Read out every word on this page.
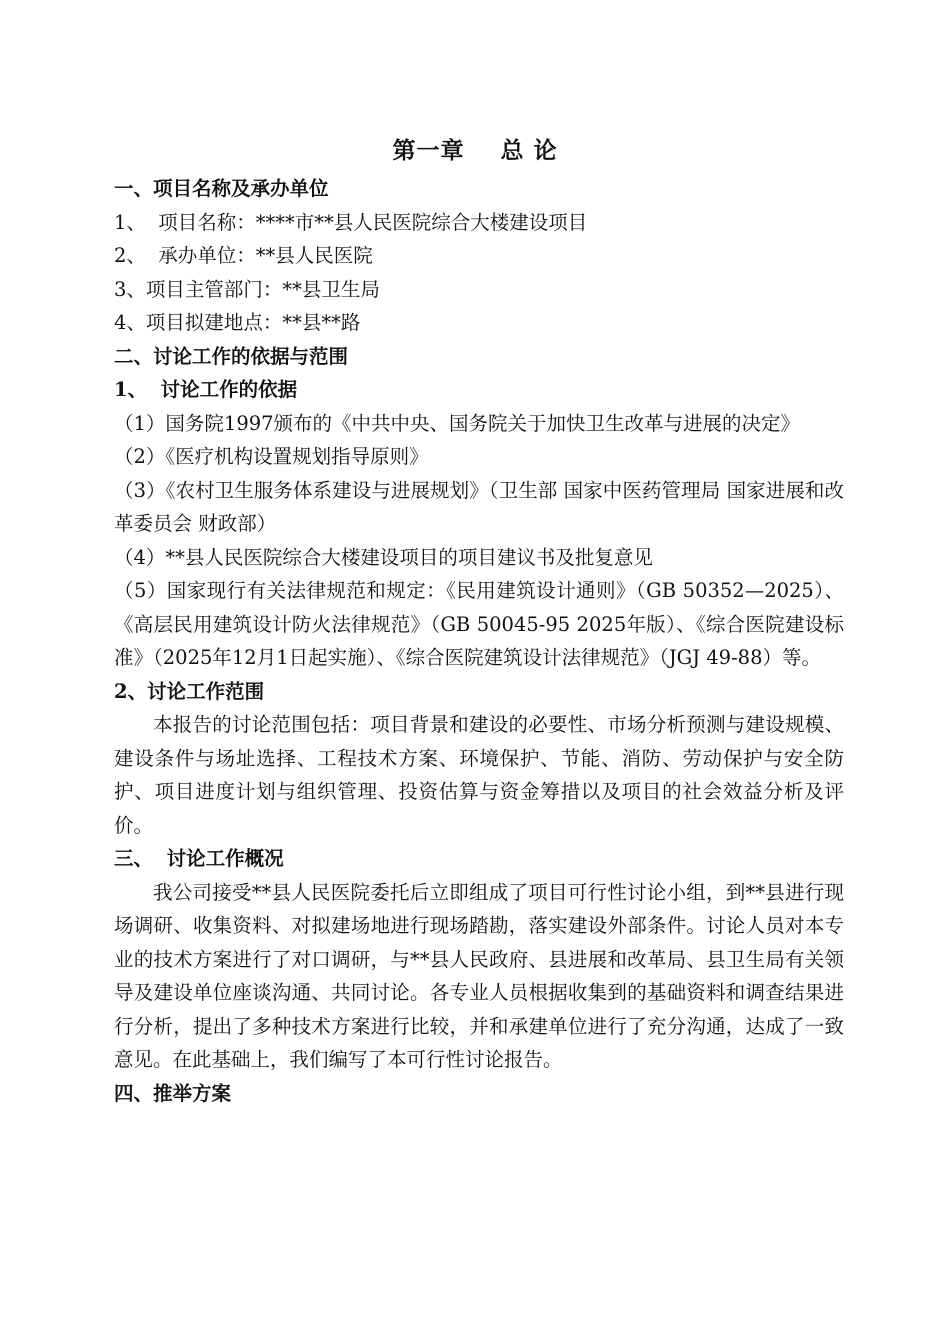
第一章    总 论

一、项目名称及承办单位

1、  项目名称：****市**县人民医院综合大楼建设项目

2、  承办单位：**县人民医院

3、项目主管部门：**县卫生局

4、项目拟建地点：**县**路

二、讨论工作的依据与范围

1、  讨论工作的依据

（1）国务院1997颁布的《中共中央、国务院关于加快卫生改革与进展的决定》

（2）《医疗机构设置规划指导原则》

（3）《农村卫生服务体系建设与进展规划》（卫生部 国家中医药管理局 国家进展和改革委员会 财政部）

（4）**县人民医院综合大楼建设项目的项目建议书及批复意见

（5）国家现行有关法律规范和规定：《民用建筑设计通则》（GB 50352—2025）、《高层民用建筑设计防火法律规范》（GB 50045-95 2025年版）、《综合医院建设标准》（2025年12月1日起实施）、《综合医院建筑设计法律规范》（JGJ 49-88）等。

2、讨论工作范围

本报告的讨论范围包括：项目背景和建设的必要性、市场分析预测与建设规模、建设条件与场址选择、工程技术方案、环境保护、节能、消防、劳动保护与安全防护、项目进度计划与组织管理、投资估算与资金筹措以及项目的社会效益分析及评价。

三、  讨论工作概况

我公司接受**县人民医院委托后立即组成了项目可行性讨论小组，到**县进行现场调研、收集资料、对拟建场地进行现场踏勘，落实建设外部条件。讨论人员对本专业的技术方案进行了对口调研，与**县人民政府、县进展和改革局、县卫生局有关领导及建设单位座谈沟通、共同讨论。各专业人员根据收集到的基础资料和调查结果进行分析，提出了多种技术方案进行比较，并和承建单位进行了充分沟通，达成了一致意见。在此基础上，我们编写了本可行性讨论报告。

四、推举方案
